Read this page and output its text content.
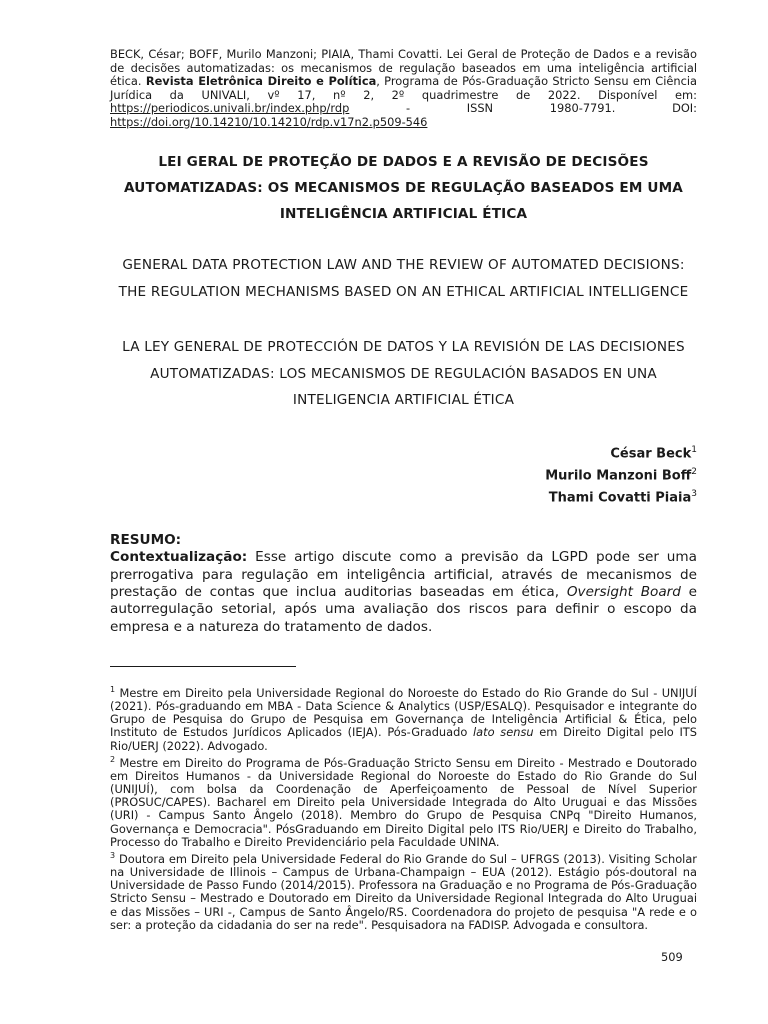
BECK, César; BOFF, Murilo Manzoni; PIAIA, Thami Covatti. Lei Geral de Proteção de Dados e a revisão de decisões automatizadas: os mecanismos de regulação baseados em uma inteligência artificial ética. Revista Eletrônica Direito e Política, Programa de Pós-Graduação Stricto Sensu em Ciência Jurídica da UNIVALI, vº 17, nº 2, 2º quadrimestre de 2022. Disponível em: https://periodicos.univali.br/index.php/rdp - ISSN 1980-7791. DOI: https://doi.org/10.14210/10.14210/rdp.v17n2.p509-546
LEI GERAL DE PROTEÇÃO DE DADOS E A REVISÃO DE DECISÕES AUTOMATIZADAS: OS MECANISMOS DE REGULAÇÃO BASEADOS EM UMA INTELIGÊNCIA ARTIFICIAL ÉTICA
GENERAL DATA PROTECTION LAW AND THE REVIEW OF AUTOMATED DECISIONS: THE REGULATION MECHANISMS BASED ON AN ETHICAL ARTIFICIAL INTELLIGENCE
LA LEY GENERAL DE PROTECCIÓN DE DATOS Y LA REVISIÓN DE LAS DECISIONES AUTOMATIZADAS: LOS MECANISMOS DE REGULACIÓN BASADOS EN UNA INTELIGENCIA ARTIFICIAL ÉTICA
César Beck$^1$
Murilo Manzoni Boff$^2$
Thami Covatti Piaia$^3$
RESUMO:
Contextualização: Esse artigo discute como a previsão da LGPD pode ser uma prerrogativa para regulação em inteligência artificial, através de mecanismos de prestação de contas que inclua auditorias baseadas em ética, Oversight Board e autorregulação setorial, após uma avaliação dos riscos para definir o escopo da empresa e a natureza do tratamento de dados.

$^1$ Mestre em Direito pela Universidade Regional do Noroeste do Estado do Rio Grande do Sul - UNIJUÍ (2021). Pós-graduando em MBA - Data Science & Analytics (USP/ESALQ). Pesquisador e integrante do Grupo de Pesquisa do Grupo de Pesquisa em Governança de Inteligência Artificial & Ética, pelo Instituto de Estudos Jurídicos Aplicados (IEJA). Pós-Graduado lato sensu em Direito Digital pelo ITS Rio/UERJ (2022). Advogado.

$^2$ Mestre em Direito do Programa de Pós-Graduação Stricto Sensu em Direito - Mestrado e Doutorado em Direitos Humanos - da Universidade Regional do Noroeste do Estado do Rio Grande do Sul (UNIJUÍ), com bolsa da Coordenação de Aperfeiçoamento de Pessoal de Nível Superior (PROSUC/CAPES). Bacharel em Direito pela Universidade Integrada do Alto Uruguai e das Missões (URI) - Campus Santo Ângelo (2018). Membro do Grupo de Pesquisa CNPq "Direito Humanos, Governança e Democracia". PósGraduando em Direito Digital pelo ITS Rio/UERJ e Direito do Trabalho, Processo do Trabalho e Direito Previdenciário pela Faculdade UNINA.

$^3$ Doutora em Direito pela Universidade Federal do Rio Grande do Sul – UFRGS (2013). Visiting Scholar na Universidade de Illinois – Campus de Urbana-Champaign – EUA (2012). Estágio pós-doutoral na Universidade de Passo Fundo (2014/2015). Professora na Graduação e no Programa de Pós-Graduação Stricto Sensu – Mestrado e Doutorado em Direito da Universidade Regional Integrada do Alto Uruguai e das Missões – URI -, Campus de Santo Ângelo/RS. Coordenadora do projeto de pesquisa "A rede e o ser: a proteção da cidadania do ser na rede". Pesquisadora na FADISP. Advogada e consultora.

509
